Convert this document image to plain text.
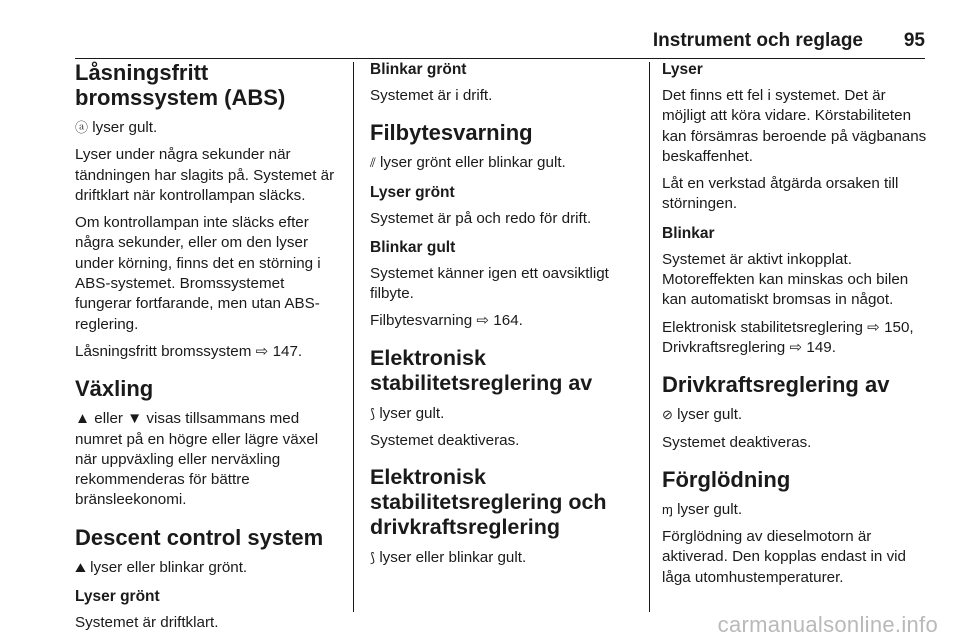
Instrument och reglage 95
Låsningsfritt bromssystem (ABS)

ⓐ lyser gult.

Lyser under några sekunder när tändningen har slagits på. Systemet är driftklart när kontrollampan släcks.

Om kontrollampan inte släcks efter några sekunder, eller om den lyser under körning, finns det en störning i ABS-systemet. Bromssystemet fungerar fortfarande, men utan ABS-reglering.

Låsningsfritt bromssystem ⇨ 147.

Växling

▲ eller ▼ visas tillsammans med numret på en högre eller lägre växel när uppväxling eller nerväxling rekommenderas för bättre bränsleekonomi.

Descent control system

⛰ lyser eller blinkar grönt.

Lyser grönt

Systemet är driftklart.

Blinkar grönt

Systemet är i drift.

Filbytesvarning

⫽ lyser grönt eller blinkar gult.

Lyser grönt

Systemet är på och redo för drift.

Blinkar gult

Systemet känner igen ett oavsiktligt filbyte.

Filbytesvarning ⇨ 164.

Elektronisk stabilitetsreglering av

⟆ lyser gult.

Systemet deaktiveras.

Elektronisk stabilitetsreglering och drivkraftsreglering

⟆ lyser eller blinkar gult.

Lyser

Det finns ett fel i systemet. Det är möjligt att köra vidare. Körstabiliteten kan försämras beroende på vägbanans beskaffenhet.

Låt en verkstad åtgärda orsaken till störningen.

Blinkar

Systemet är aktivt inkopplat. Motoreffekten kan minskas och bilen kan automatiskt bromsas in något.

Elektronisk stabilitetsreglering ⇨ 150, Drivkraftsreglering ⇨ 149.

Drivkraftsreglering av

⊘ lyser gult.

Systemet deaktiveras.

Förglödning

ɱ lyser gult.

Förglödning av dieselmotorn är aktiverad. Den kopplas endast in vid låga utomhustemperaturer.

carmanualsonline.info
